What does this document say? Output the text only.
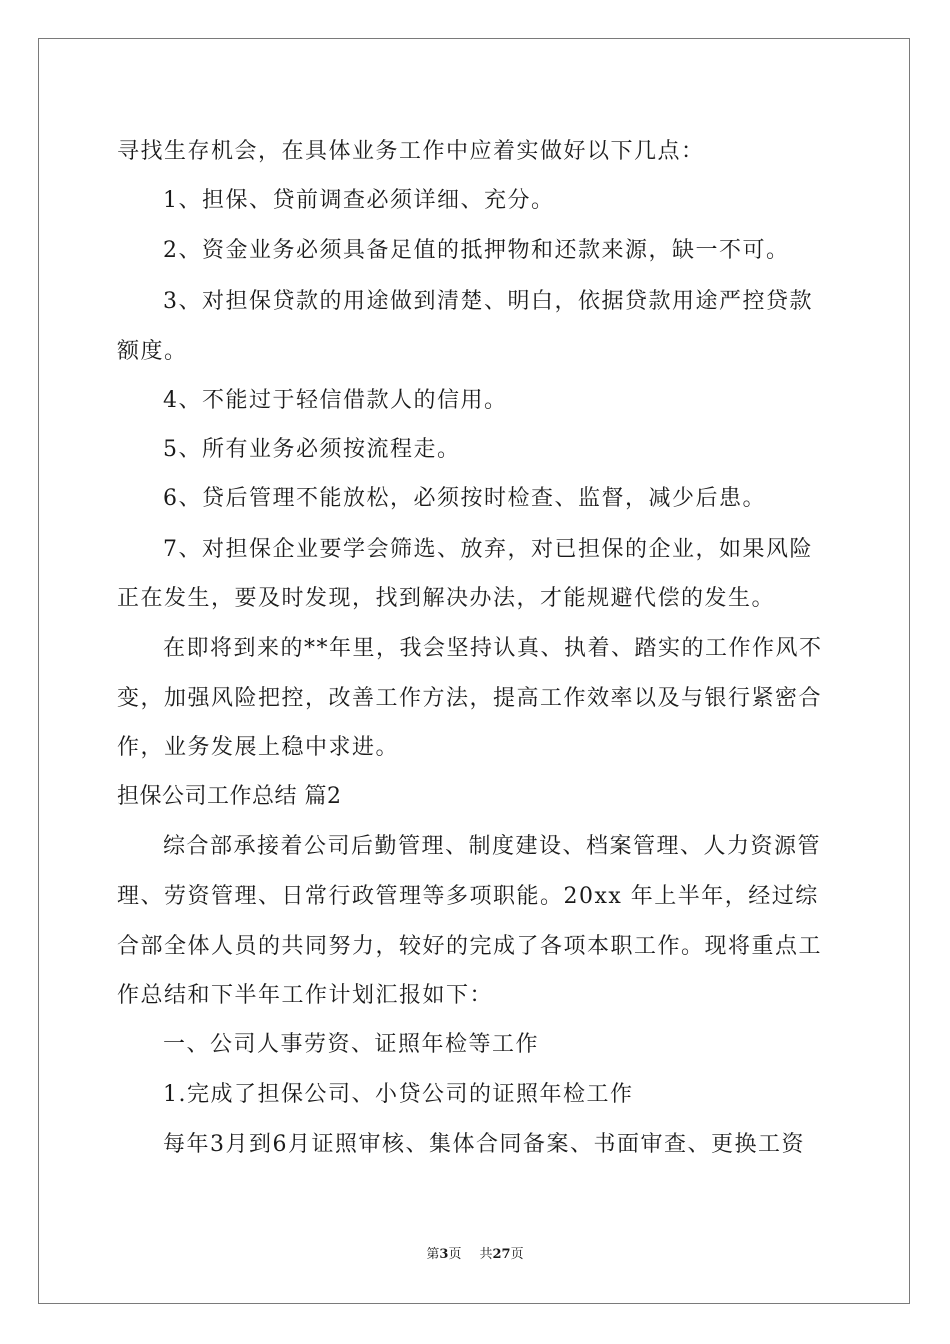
寻找生存机会，在具体业务工作中应着实做好以下几点：
1、担保、贷前调查必须详细、充分。
2、资金业务必须具备足值的抵押物和还款来源，缺一不可。
3、对担保贷款的用途做到清楚、明白，依据贷款用途严控贷款
额度。
4、不能过于轻信借款人的信用。
5、所有业务必须按流程走。
6、贷后管理不能放松，必须按时检查、监督，减少后患。
7、对担保企业要学会筛选、放弃，对已担保的企业，如果风险
正在发生，要及时发现，找到解决办法，才能规避代偿的发生。
在即将到来的**年里，我会坚持认真、执着、踏实的工作作风不
变，加强风险把控，改善工作方法，提高工作效率以及与银行紧密合
作，业务发展上稳中求进。
担保公司工作总结 篇2
综合部承接着公司后勤管理、制度建设、档案管理、人力资源管
理、劳资管理、日常行政管理等多项职能。20xx 年上半年，经过综
合部全体人员的共同努力，较好的完成了各项本职工作。现将重点工
作总结和下半年工作计划汇报如下：
一、公司人事劳资、证照年检等工作
1.完成了担保公司、小贷公司的证照年检工作
每年3月到6月证照审核、集体合同备案、书面审查、更换工资
第3页 共27页
